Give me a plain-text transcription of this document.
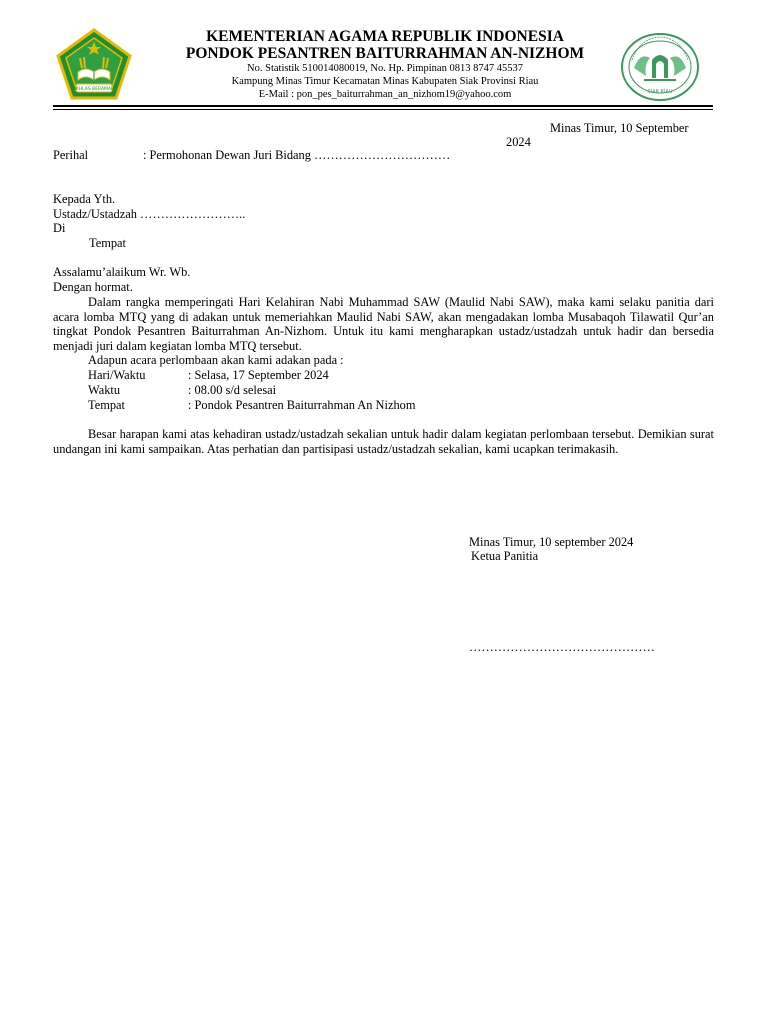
IKHLAS BERAMAL
KEMENTERIAN AGAMA REPUBLIK INDONESIA
PONDOK PESANTREN BAITURRAHMAN AN-NIZHOM
No. Statistik 510014080019, No. Hp. Pimpinan 0813 8747 45537
Kampung Minas Timur Kecamatan Minas Kabupaten Siak Provinsi Riau
E-Mail : pon_pes_baiturrahman_an_nizhom19@yahoo.com	SIAK RIAU
Minas Timur, 10 September
2024
Perihal	: Permohonan Dewan Juri Bidang ……………………………
Kepada Yth.
Ustadz/Ustadzah ……………………..
Di
Tempat
Assalamu’alaikum Wr. Wb.
Dengan hormat.
Dalam rangka memperingati Hari Kelahiran Nabi Muhammad SAW (Maulid Nabi SAW), maka kami selaku panitia dari acara lomba MTQ yang di adakan untuk memeriahkan Maulid Nabi SAW, akan mengadakan lomba Musabaqoh Tilawatil Qur’an tingkat Pondok Pesantren Baiturrahman An-Nizhom. Untuk itu kami mengharapkan ustadz/ustadzah untuk hadir dan bersedia menjadi juri dalam kegiatan lomba MTQ tersebut.
Adapun acara perlombaan akan kami adakan pada :
Hari/Waktu	: Selasa, 17 September 2024
Waktu	: 08.00 s/d selesai
Tempat	: Pondok Pesantren Baiturrahman An Nizhom
Besar harapan kami atas kehadiran ustadz/ustadzah sekalian untuk hadir dalam kegiatan perlombaan tersebut. Demikian surat undangan ini kami sampaikan. Atas perhatian dan partisipasi ustadz/ustadzah sekalian, kami ucapkan terimakasih.
Minas Timur, 10 september 2024
Ketua Panitia
………………………………………
